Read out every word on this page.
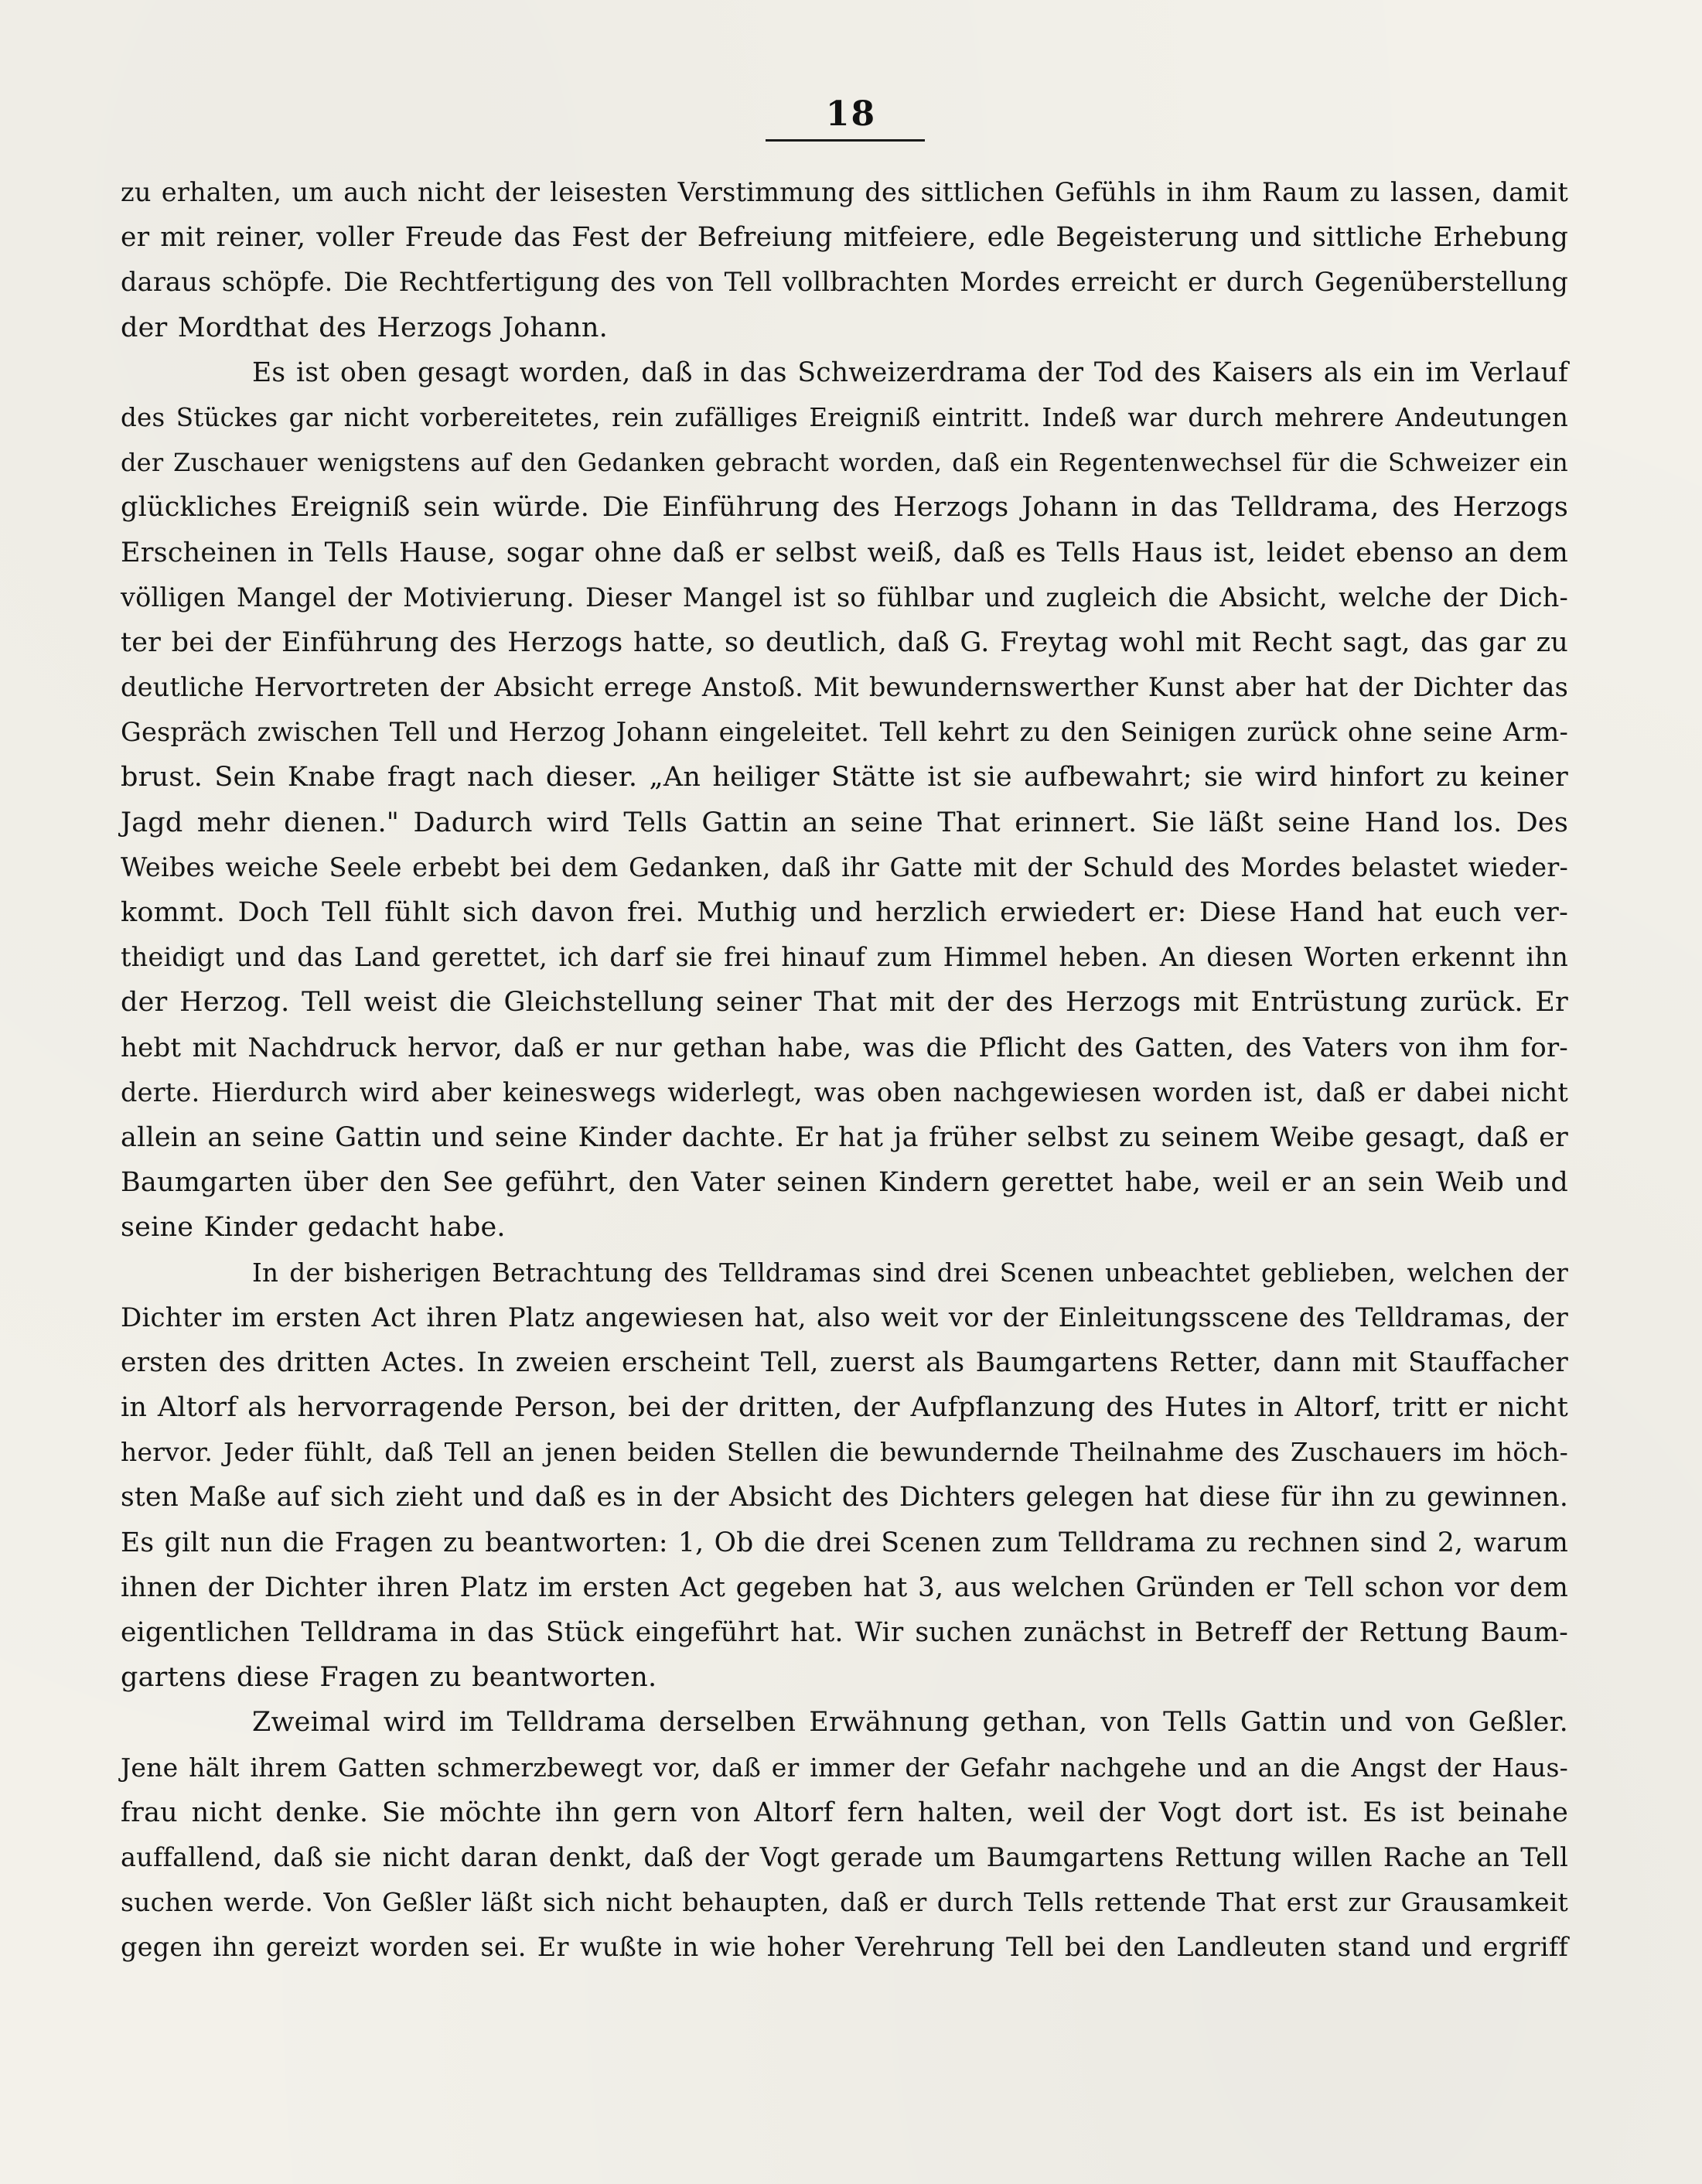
18
zu erhalten, um auch nicht der leisesten Verstimmung des sittlichen Gefühls in ihm Raum zu lassen, damit
er mit reiner, voller Freude das Fest der Befreiung mitfeiere, edle Begeisterung und sittliche Erhebung
daraus schöpfe. Die Rechtfertigung des von Tell vollbrachten Mordes erreicht er durch Gegenüberstellung
der Mordthat des Herzogs Johann.
Es ist oben gesagt worden, daß in das Schweizerdrama der Tod des Kaisers als ein im Verlauf
des Stückes gar nicht vorbereitetes, rein zufälliges Ereigniß eintritt. Indeß war durch mehrere Andeutungen
der Zuschauer wenigstens auf den Gedanken gebracht worden, daß ein Regentenwechsel für die Schweizer ein
glückliches Ereigniß sein würde. Die Einführung des Herzogs Johann in das Telldrama, des Herzogs
Erscheinen in Tells Hause, sogar ohne daß er selbst weiß, daß es Tells Haus ist, leidet ebenso an dem
völligen Mangel der Motivierung. Dieser Mangel ist so fühlbar und zugleich die Absicht, welche der Dich-
ter bei der Einführung des Herzogs hatte, so deutlich, daß G. Freytag wohl mit Recht sagt, das gar zu
deutliche Hervortreten der Absicht errege Anstoß. Mit bewundernswerther Kunst aber hat der Dichter das
Gespräch zwischen Tell und Herzog Johann eingeleitet. Tell kehrt zu den Seinigen zurück ohne seine Arm-
brust. Sein Knabe fragt nach dieser. „An heiliger Stätte ist sie aufbewahrt; sie wird hinfort zu keiner
Jagd mehr dienen." Dadurch wird Tells Gattin an seine That erinnert. Sie läßt seine Hand los. Des
Weibes weiche Seele erbebt bei dem Gedanken, daß ihr Gatte mit der Schuld des Mordes belastet wieder-
kommt. Doch Tell fühlt sich davon frei. Muthig und herzlich erwiedert er: Diese Hand hat euch ver-
theidigt und das Land gerettet, ich darf sie frei hinauf zum Himmel heben. An diesen Worten erkennt ihn
der Herzog. Tell weist die Gleichstellung seiner That mit der des Herzogs mit Entrüstung zurück. Er
hebt mit Nachdruck hervor, daß er nur gethan habe, was die Pflicht des Gatten, des Vaters von ihm for-
derte. Hierdurch wird aber keineswegs widerlegt, was oben nachgewiesen worden ist, daß er dabei nicht
allein an seine Gattin und seine Kinder dachte. Er hat ja früher selbst zu seinem Weibe gesagt, daß er
Baumgarten über den See geführt, den Vater seinen Kindern gerettet habe, weil er an sein Weib und
seine Kinder gedacht habe.
In der bisherigen Betrachtung des Telldramas sind drei Scenen unbeachtet geblieben, welchen der
Dichter im ersten Act ihren Platz angewiesen hat, also weit vor der Einleitungsscene des Telldramas, der
ersten des dritten Actes. In zweien erscheint Tell, zuerst als Baumgartens Retter, dann mit Stauffacher
in Altorf als hervorragende Person, bei der dritten, der Aufpflanzung des Hutes in Altorf, tritt er nicht
hervor. Jeder fühlt, daß Tell an jenen beiden Stellen die bewundernde Theilnahme des Zuschauers im höch-
sten Maße auf sich zieht und daß es in der Absicht des Dichters gelegen hat diese für ihn zu gewinnen.
Es gilt nun die Fragen zu beantworten: 1, Ob die drei Scenen zum Telldrama zu rechnen sind 2, warum
ihnen der Dichter ihren Platz im ersten Act gegeben hat 3, aus welchen Gründen er Tell schon vor dem
eigentlichen Telldrama in das Stück eingeführt hat. Wir suchen zunächst in Betreff der Rettung Baum-
gartens diese Fragen zu beantworten.
Zweimal wird im Telldrama derselben Erwähnung gethan, von Tells Gattin und von Geßler.
Jene hält ihrem Gatten schmerzbewegt vor, daß er immer der Gefahr nachgehe und an die Angst der Haus-
frau nicht denke. Sie möchte ihn gern von Altorf fern halten, weil der Vogt dort ist. Es ist beinahe
auffallend, daß sie nicht daran denkt, daß der Vogt gerade um Baumgartens Rettung willen Rache an Tell
suchen werde. Von Geßler läßt sich nicht behaupten, daß er durch Tells rettende That erst zur Grausamkeit
gegen ihn gereizt worden sei. Er wußte in wie hoher Verehrung Tell bei den Landleuten stand und ergriff
